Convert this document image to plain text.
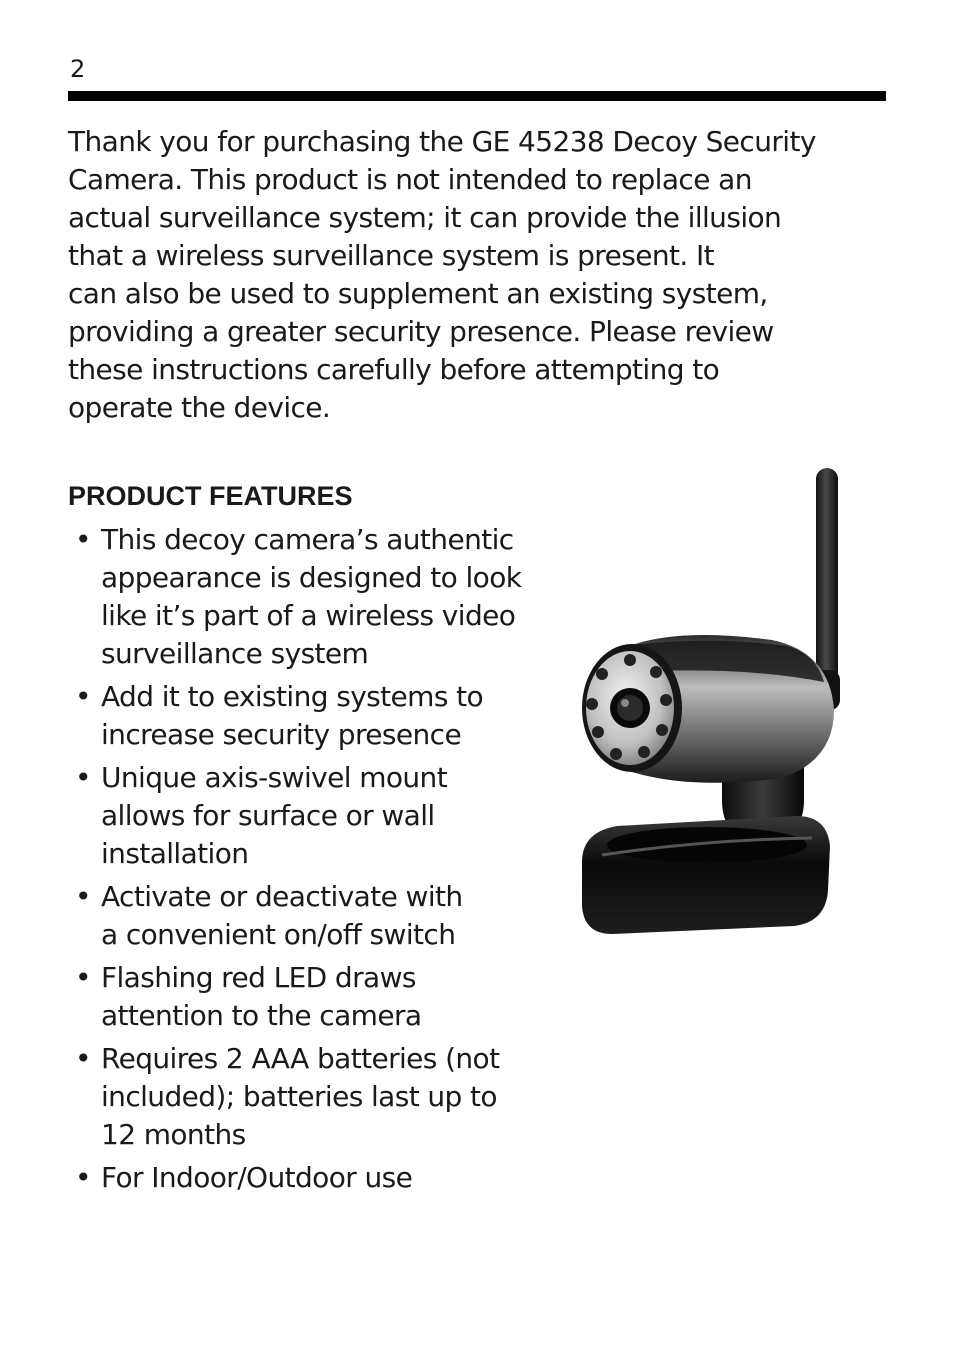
2

Thank you for purchasing the GE 45238 Decoy Security
Camera. This product is not intended to replace an
actual surveillance system; it can provide the illusion
that a wireless surveillance system is present. It
can also be used to supplement an existing system,
providing a greater security presence. Please review
these instructions carefully before attempting to
operate the device.

PRODUCT FEATURES
• This decoy camera’s authentic
appearance is designed to look
like it’s part of a wireless video
surveillance system
• Add it to existing systems to
increase security presence
• Unique axis-swivel mount
allows for surface or wall
installation
• Activate or deactivate with
a convenient on/off switch
• Flashing red LED draws
attention to the camera
• Requires 2 AAA batteries (not
included); batteries last up to
12 months
• For Indoor/Outdoor use
